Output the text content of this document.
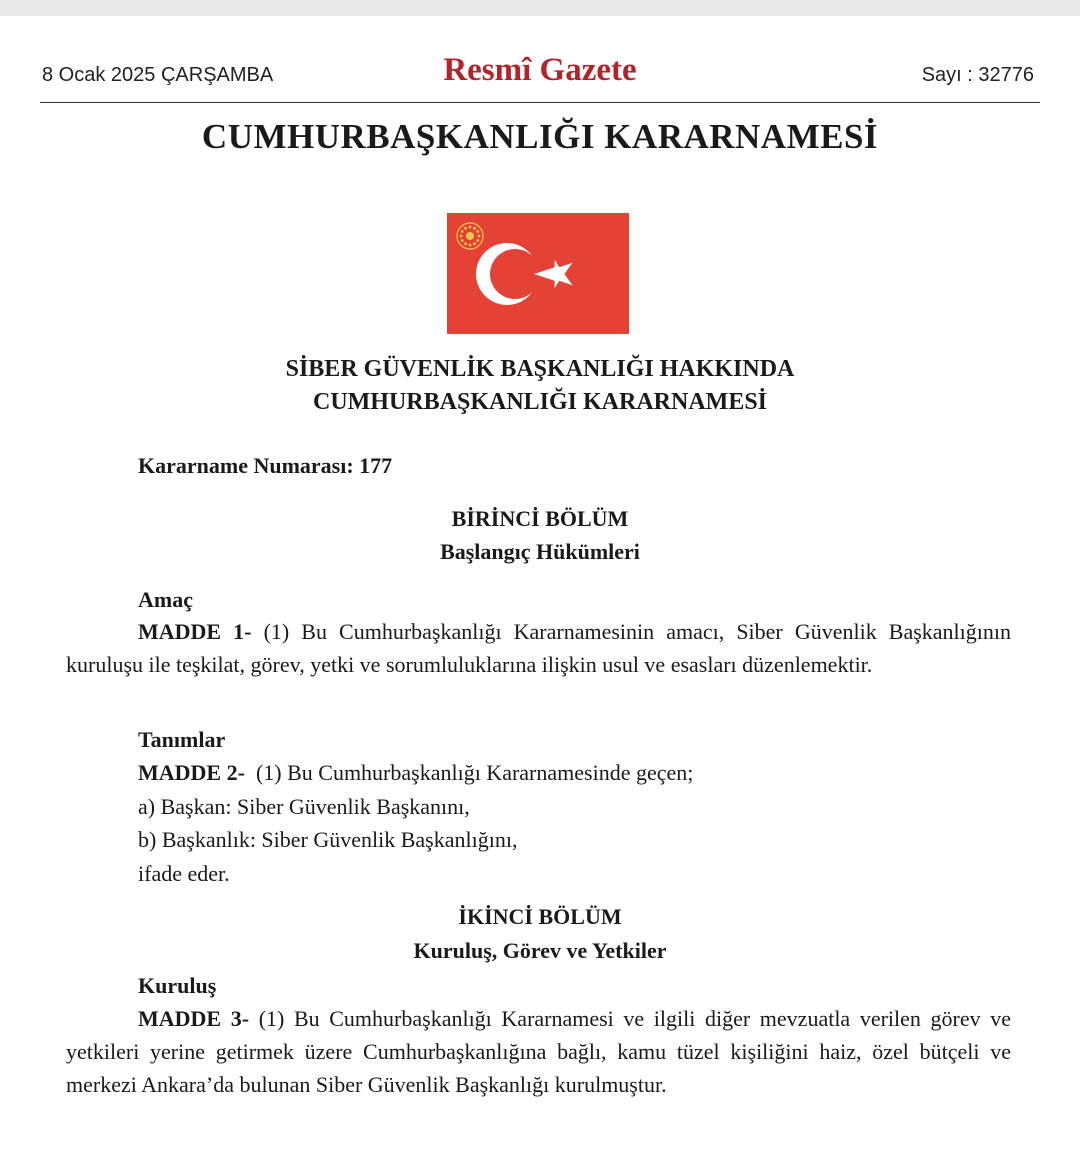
8 Ocak 2025 ÇARŞAMBA	Resmî Gazete	Sayı : 32776
CUMHURBAŞKANLIĞI KARARNAMESİ
SİBER GÜVENLİK BAŞKANLIĞI HAKKINDA
CUMHURBAŞKANLIĞI KARARNAMESİ
Kararname Numarası: 177
BİRİNCİ BÖLÜM
Başlangıç Hükümleri
Amaç
MADDE 1- (1) Bu Cumhurbaşkanlığı Kararnamesinin amacı, Siber Güvenlik Başkanlığının kuruluşu ile teşkilat, görev, yetki ve sorumluluklarına ilişkin usul ve esasları düzenlemektir.
Tanımlar
MADDE 2- (1) Bu Cumhurbaşkanlığı Kararnamesinde geçen;
a) Başkan: Siber Güvenlik Başkanını,
b) Başkanlık: Siber Güvenlik Başkanlığını,
ifade eder.
İKİNCİ BÖLÜM
Kuruluş, Görev ve Yetkiler
Kuruluş
MADDE 3- (1) Bu Cumhurbaşkanlığı Kararnamesi ve ilgili diğer mevzuatla verilen görev ve yetkileri yerine getirmek üzere Cumhurbaşkanlığına bağlı, kamu tüzel kişiliğini haiz, özel bütçeli ve merkezi Ankara’da bulunan Siber Güvenlik Başkanlığı kurulmuştur.
